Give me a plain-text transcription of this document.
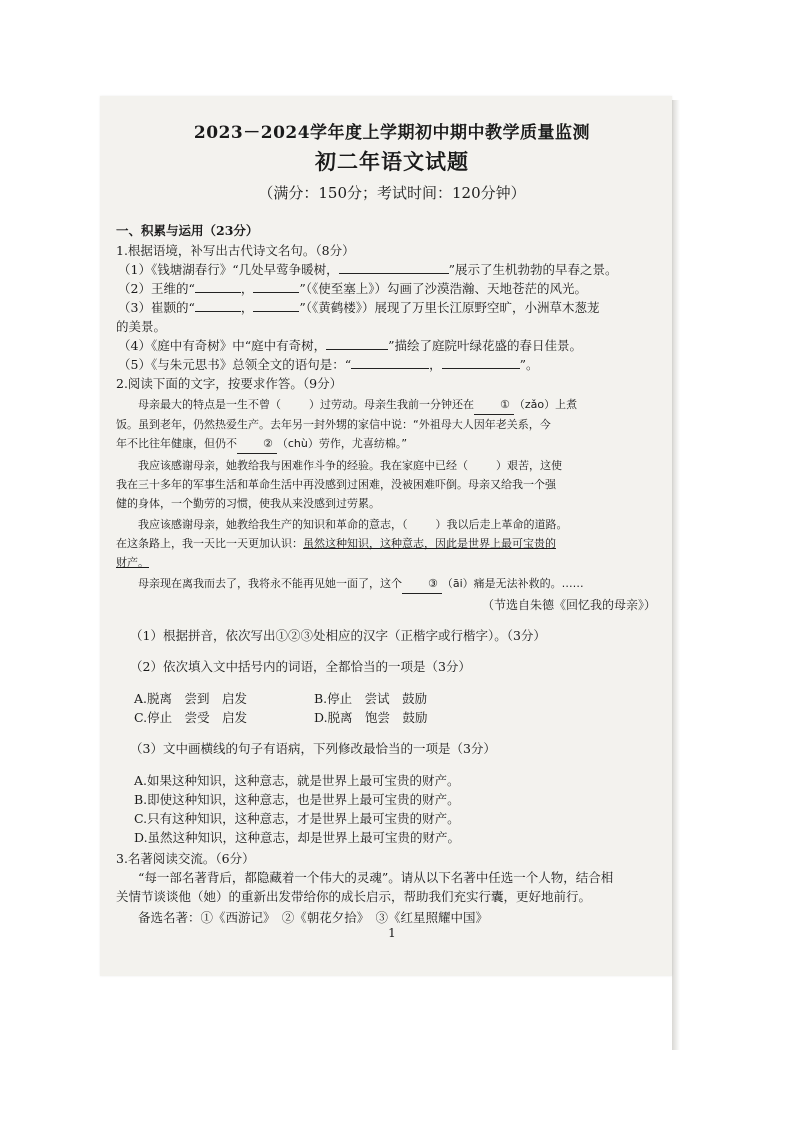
2023－2024学年度上学期初中期中教学质量监测
初二年语文试题
（满分：150分；考试时间：120分钟）
一、积累与运用（23分）

1.根据语境，补写出古代诗文名句。（8分）

（1）《钱塘湖春行》“几处早莺争暖树，	”展示了生机勃勃的早春之景。

（2）王维的“	，	”（《使至塞上》）勾画了沙漠浩瀚、天地苍茫的风光。

（3）崔颢的“	，	”（《黄鹤楼》）展现了万里长江原野空旷，小洲草木葱茏

的美景。

（4）《庭中有奇树》中“庭中有奇树，	”描绘了庭院叶绿花盛的春日佳景。

（5）《与朱元思书》总领全文的语句是：“	，	”。

2.阅读下面的文字，按要求作答。（9分）

母亲最大的特点是一生不曾（	）过劳动。母亲生我前一分钟还在 ① （zǎo）上煮
饭。虽到老年，仍然热爱生产。去年另一封外甥的家信中说：“外祖母大人因年老关系，今
年不比往年健康，但仍不 ② （chù）劳作，尤喜纺棉。”

我应该感谢母亲，她教给我与困难作斗争的经验。我在家庭中已经（	）艰苦，这使
我在三十多年的军事生活和革命生活中再没感到过困难，没被困难吓倒。母亲又给我一个强
健的身体，一个勤劳的习惯，使我从来没感到过劳累。

我应该感谢母亲，她教给我生产的知识和革命的意志，（	）我以后走上革命的道路。
在这条路上，我一天比一天更加认识：虽然这种知识，这种意志，因此是世界上最可宝贵的
财产。

母亲现在离我而去了，我将永不能再见她一面了，这个 ③ （āi）痛是无法补救的。……

（节选自朱德《回忆我的母亲》）

（1）根据拼音，依次写出①②③处相应的汉字（正楷字或行楷字）。（3分）

（2）依次填入文中括号内的词语，全都恰当的一项是（3分）

A.脱离　尝到　启发	B.停止　尝试　鼓励
C.停止　尝受　启发	D.脱离　饱尝　鼓励

（3）文中画横线的句子有语病，下列修改最恰当的一项是（3分）

A.如果这种知识，这种意志，就是世界上最可宝贵的财产。
B.即使这种知识，这种意志，也是世界上最可宝贵的财产。
C.只有这种知识，这种意志，才是世界上最可宝贵的财产。
D.虽然这种知识，这种意志，却是世界上最可宝贵的财产。

3.名著阅读交流。（6分）

“每一部名著背后，都隐藏着一个伟大的灵魂”。请从以下名著中任选一个人物，结合相

关情节谈谈他（她）的重新出发带给你的成长启示，帮助我们充实行囊，更好地前行。

备选名著：①《西游记》　②《朝花夕拾》　③《红星照耀中国》

1
